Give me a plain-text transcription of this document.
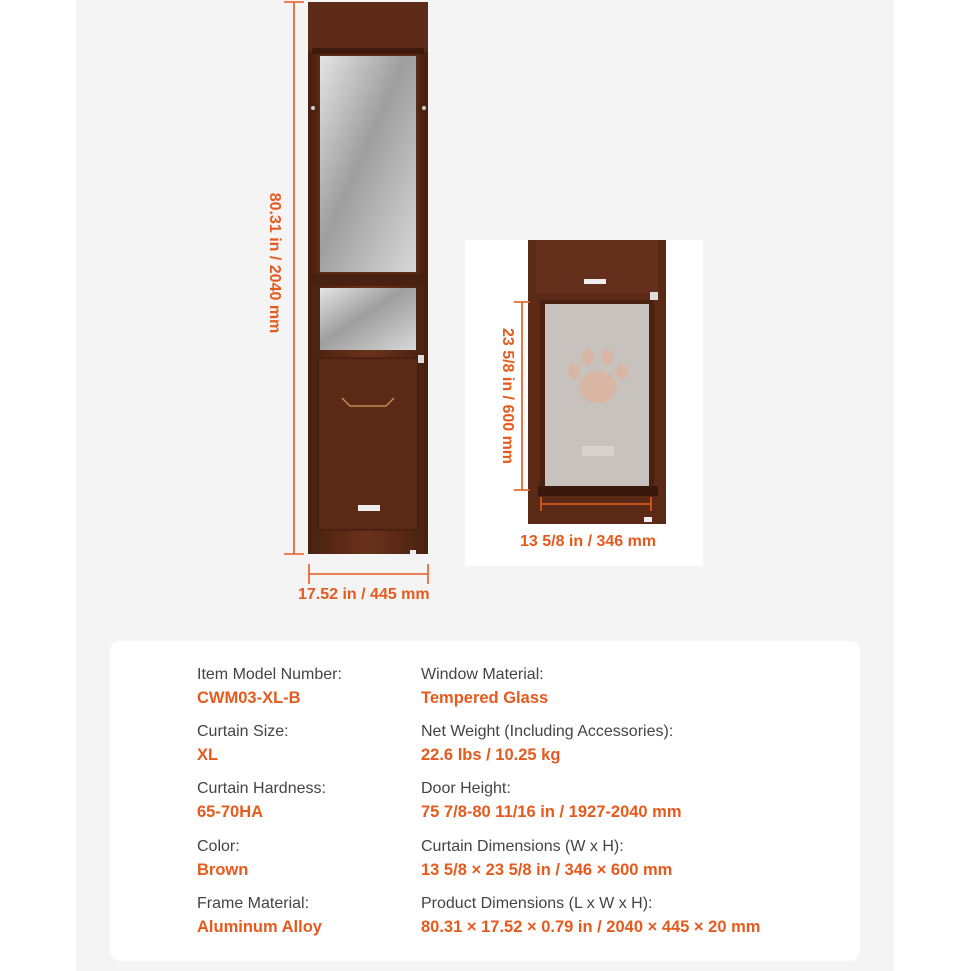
80.31 in / 2040 mm
17.52 in / 445 mm
23 5/8 in / 600 mm
13 5/8 in / 346 mm
Item Model Number:
CWM03-XL-B
Curtain Size:
XL
Curtain Hardness:
65-70HA
Color:
Brown
Frame Material:
Aluminum Alloy
Window Material:
Tempered Glass
Net Weight (Including Accessories):
22.6 lbs / 10.25 kg
Door Height:
75 7/8-80 11/16 in / 1927-2040 mm
Curtain Dimensions (W x H):
13 5/8 × 23 5/8 in / 346 × 600 mm
Product Dimensions (L x W x H):
80.31 × 17.52 × 0.79 in / 2040 × 445 × 20 mm
